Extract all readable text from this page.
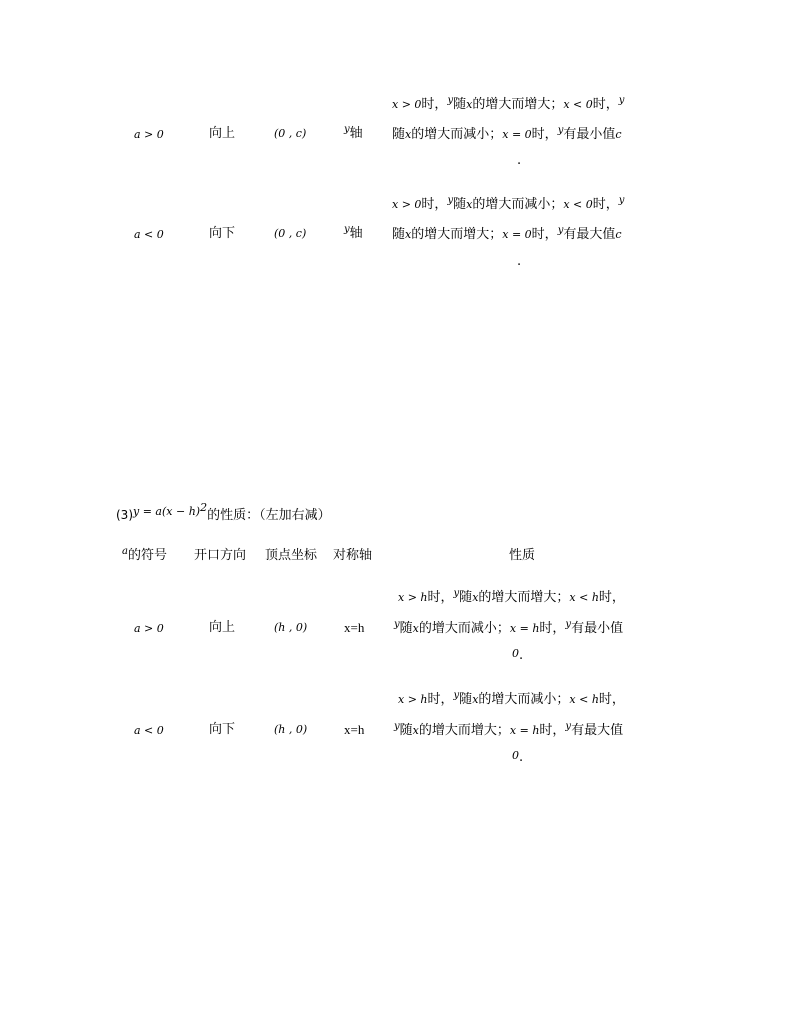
a > 0	向上	(0 , c)	$^y$轴
x > 0时，$^y$随x的增大而增大；x < 0时，$^y$
随x的增大而减小；x = 0时，$^y$有最小值c
.
a < 0	向下	(0 , c)	$^y$轴
x > 0时，$^y$随x的增大而减小；x < 0时，$^y$
随x的增大而增大；x = 0时，$^y$有最大值c
.
$(3)^{y = a(x - h)2}$的性质：（左加右减）
$^a$的符号 开口方向 顶点坐标 对称轴	性质
a > 0	向上	(h , 0)	x=h
x > h时，$^y$随x的增大而增大；x < h时，
$^y$随x的增大而减小；x = h时，$^y$有最小值
0.
a < 0	向下	(h , 0)	x=h
x > h时，$^y$随x的增大而减小；x < h时，
$^y$随x的增大而增大；x = h时，$^y$有最大值
0.
